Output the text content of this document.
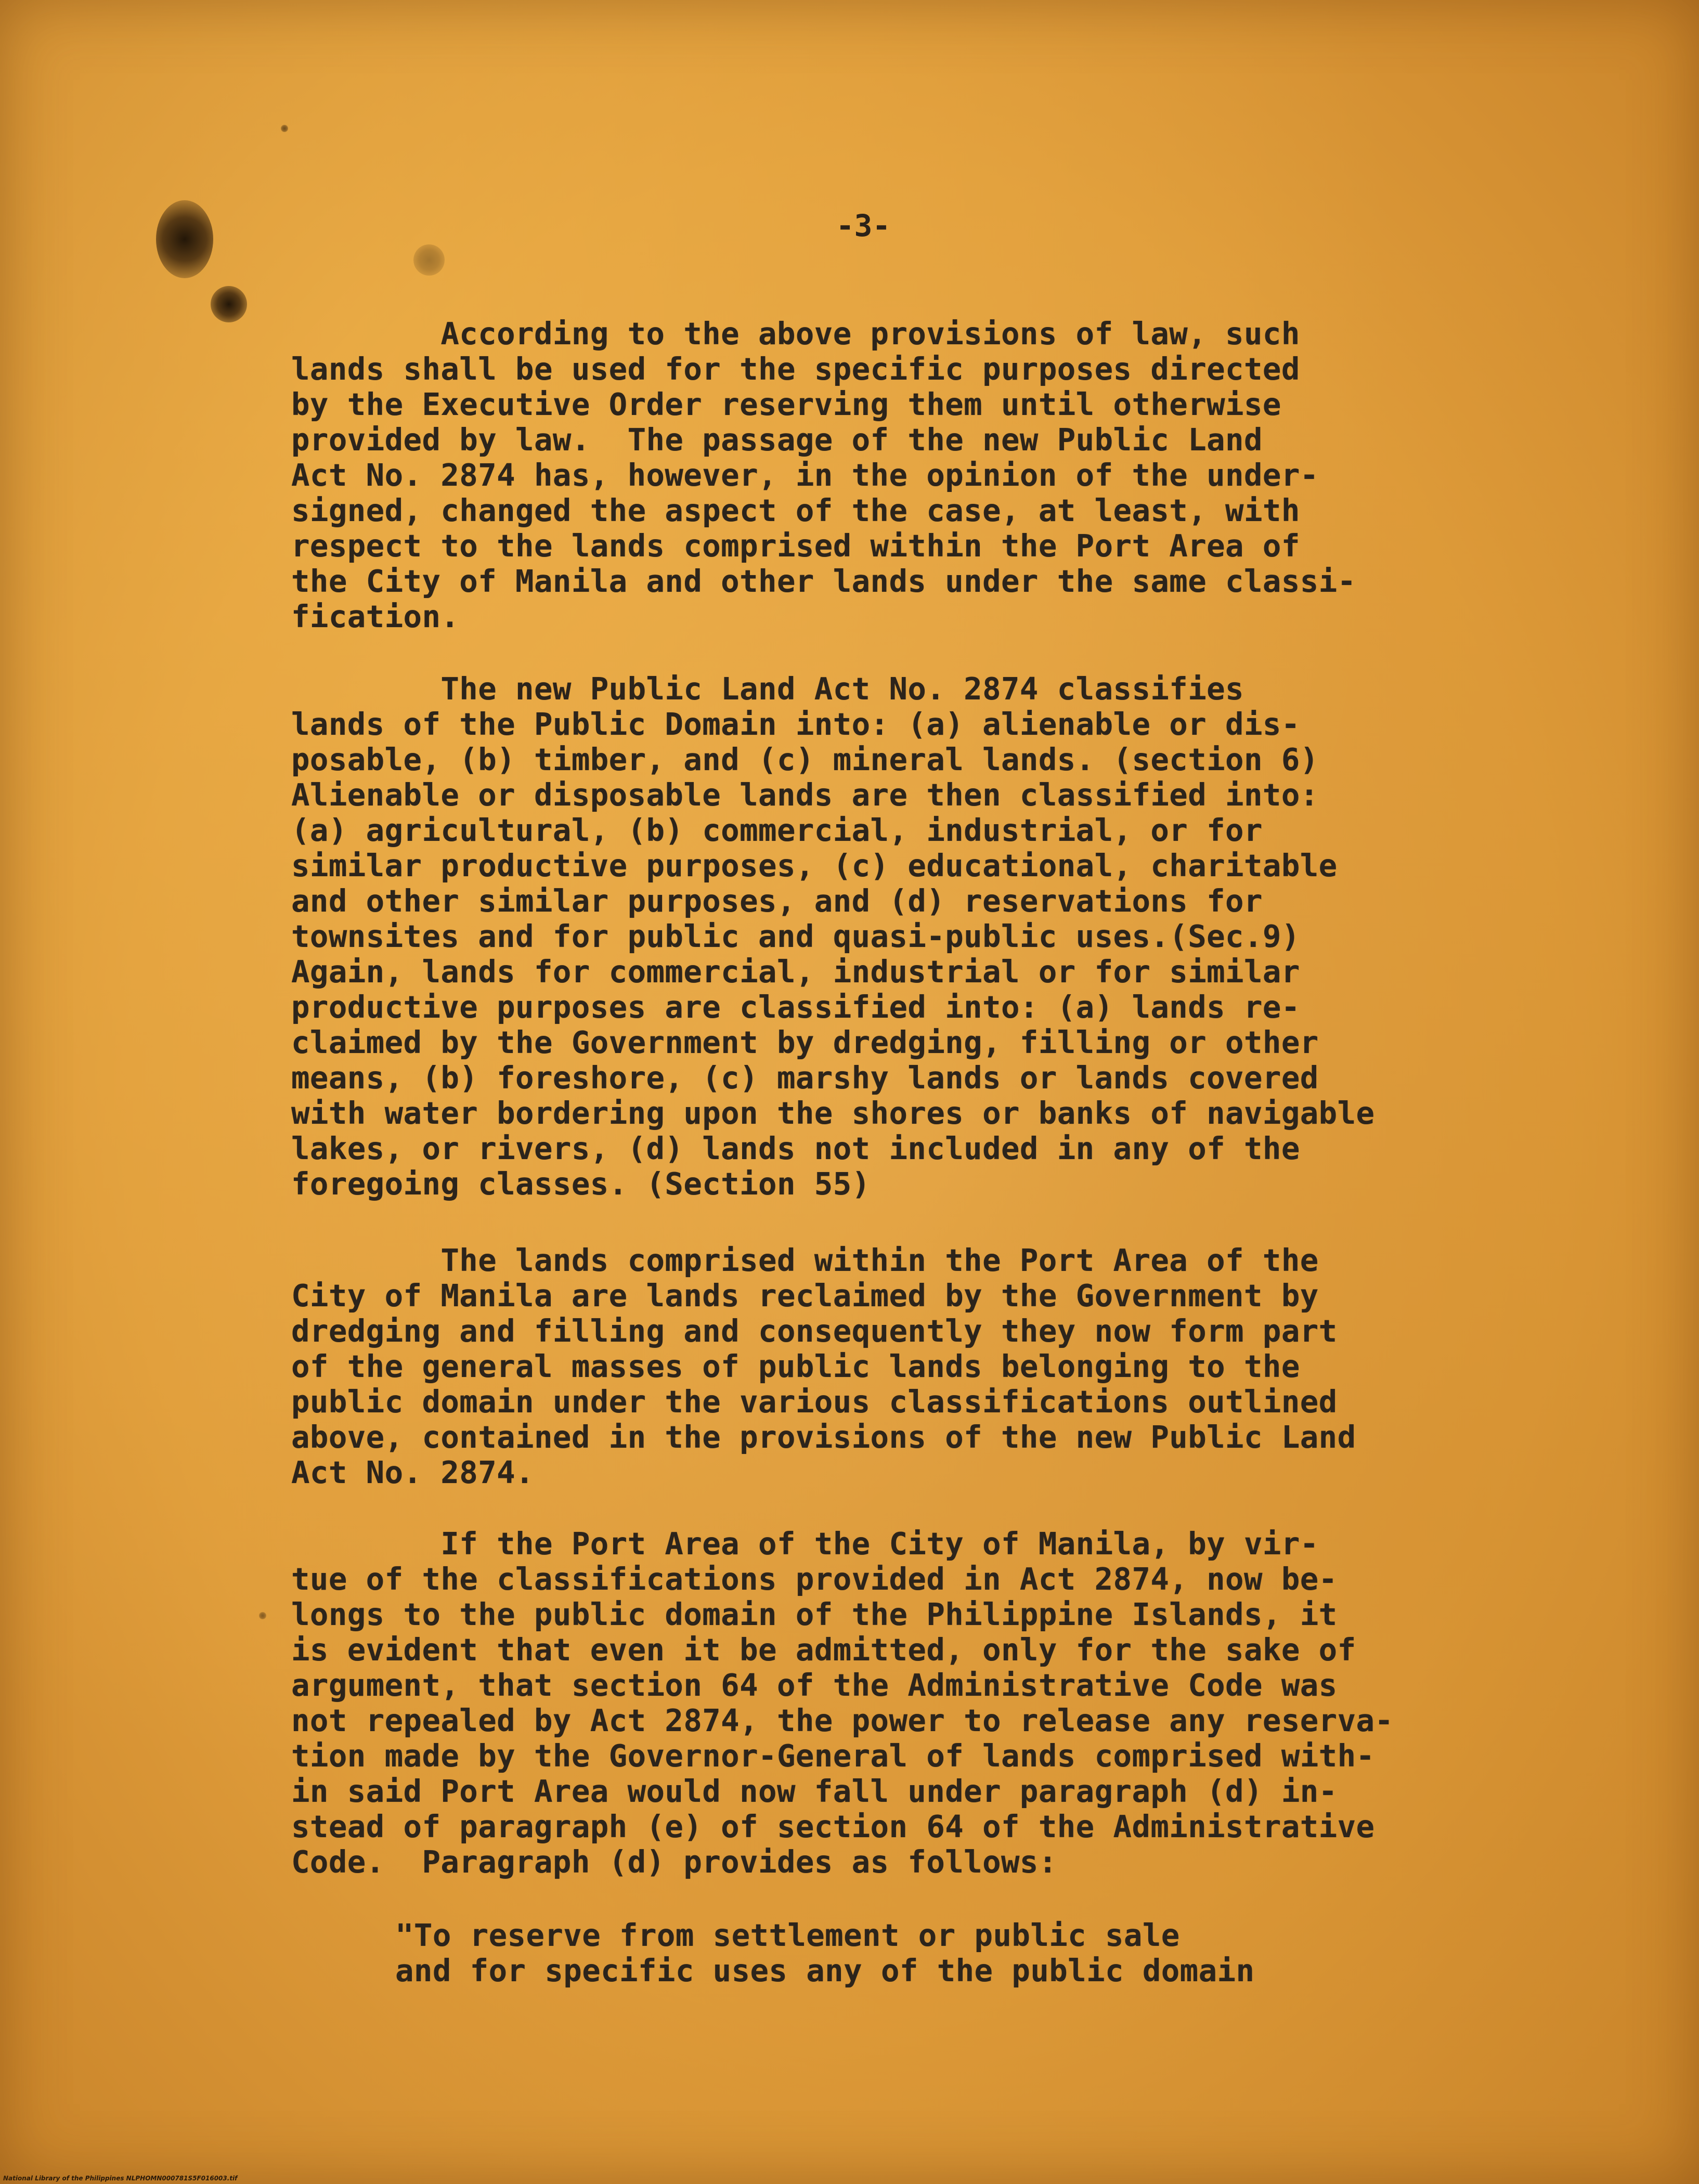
-3-

According to the above provisions of law, such
lands shall be used for the specific purposes directed
by the Executive Order reserving them until otherwise
provided by law.  The passage of the new Public Land
Act No. 2874 has, however, in the opinion of the under-
signed, changed the aspect of the case, at least, with
respect to the lands comprised within the Port Area of
the City of Manila and other lands under the same classi-
fication.

The new Public Land Act No. 2874 classifies
lands of the Public Domain into: (a) alienable or dis-
posable, (b) timber, and (c) mineral lands. (section 6)
Alienable or disposable lands are then classified into:
(a) agricultural, (b) commercial, industrial, or for
similar productive purposes, (c) educational, charitable
and other similar purposes, and (d) reservations for
townsites and for public and quasi-public uses.(Sec.9)
Again, lands for commercial, industrial or for similar
productive purposes are classified into: (a) lands re-
claimed by the Government by dredging, filling or other
means, (b) foreshore, (c) marshy lands or lands covered
with water bordering upon the shores or banks of navigable
lakes, or rivers, (d) lands not included in any of the
foregoing classes. (Section 55)

The lands comprised within the Port Area of the
City of Manila are lands reclaimed by the Government by
dredging and filling and consequently they now form part
of the general masses of public lands belonging to the
public domain under the various classifications outlined
above, contained in the provisions of the new Public Land
Act No. 2874.

If the Port Area of the City of Manila, by vir-
tue of the classifications provided in Act 2874, now be-
longs to the public domain of the Philippine Islands, it
is evident that even it be admitted, only for the sake of
argument, that section 64 of the Administrative Code was
not repealed by Act 2874, the power to release any reserva-
tion made by the Governor-General of lands comprised with-
in said Port Area would now fall under paragraph (d) in-
stead of paragraph (e) of section 64 of the Administrative
Code.  Paragraph (d) provides as follows:

"To reserve from settlement or public sale
and for specific uses any of the public domain

National Library of the Philippines NLPHOMN000781S5F016003.tif
